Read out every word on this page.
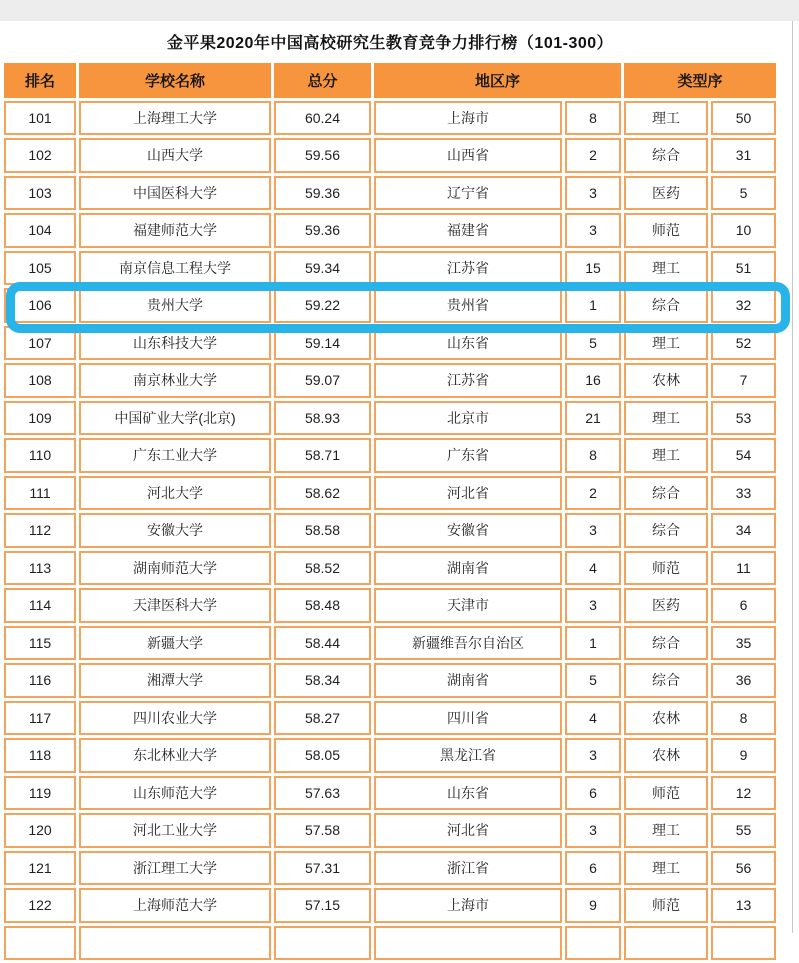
金平果2020年中国高校研究生教育竞争力排行榜（101-300）
排名	学校名称	总分	地区序		类型序	
101	上海理工大学	60.24	上海市	8	理工	50
102	山西大学	59.56	山西省	2	综合	31
103	中国医科大学	59.36	辽宁省	3	医药	5
104	福建师范大学	59.36	福建省	3	师范	10
105	南京信息工程大学	59.34	江苏省	15	理工	51
106	贵州大学	59.22	贵州省	1	综合	32
107	山东科技大学	59.14	山东省	5	理工	52
108	南京林业大学	59.07	江苏省	16	农林	7
109	中国矿业大学(北京)	58.93	北京市	21	理工	53
110	广东工业大学	58.71	广东省	8	理工	54
111	河北大学	58.62	河北省	2	综合	33
112	安徽大学	58.58	安徽省	3	综合	34
113	湖南师范大学	58.52	湖南省	4	师范	11
114	天津医科大学	58.48	天津市	3	医药	6
115	新疆大学	58.44	新疆维吾尔自治区	1	综合	35
116	湘潭大学	58.34	湖南省	5	综合	36
117	四川农业大学	58.27	四川省	4	农林	8
118	东北林业大学	58.05	黑龙江省	3	农林	9
119	山东师范大学	57.63	山东省	6	师范	12
120	河北工业大学	57.58	河北省	3	理工	55
121	浙江理工大学	57.31	浙江省	6	理工	56
122	上海师范大学	57.15	上海市	9	师范	13
